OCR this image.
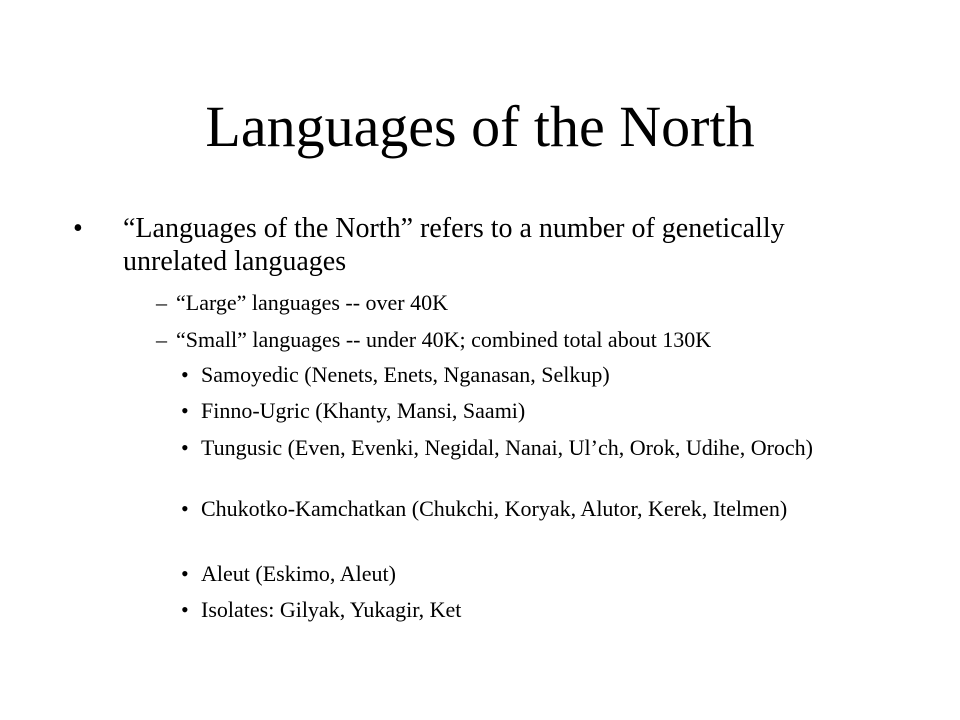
Languages of the North
• “Languages of the North” refers to a number of genetically unrelated languages
– “Large” languages -- over 40K
– “Small” languages -- under 40K; combined total about 130K
• Samoyedic (Nenets, Enets, Nganasan, Selkup)
• Finno-Ugric (Khanty, Mansi, Saami)
• Tungusic (Even, Evenki, Negidal, Nanai, Ul’ch, Orok, Udihe, Oroch)
• Chukotko-Kamchatkan (Chukchi, Koryak, Alutor, Kerek, Itelmen)
• Aleut (Eskimo, Aleut)
• Isolates: Gilyak, Yukagir, Ket
